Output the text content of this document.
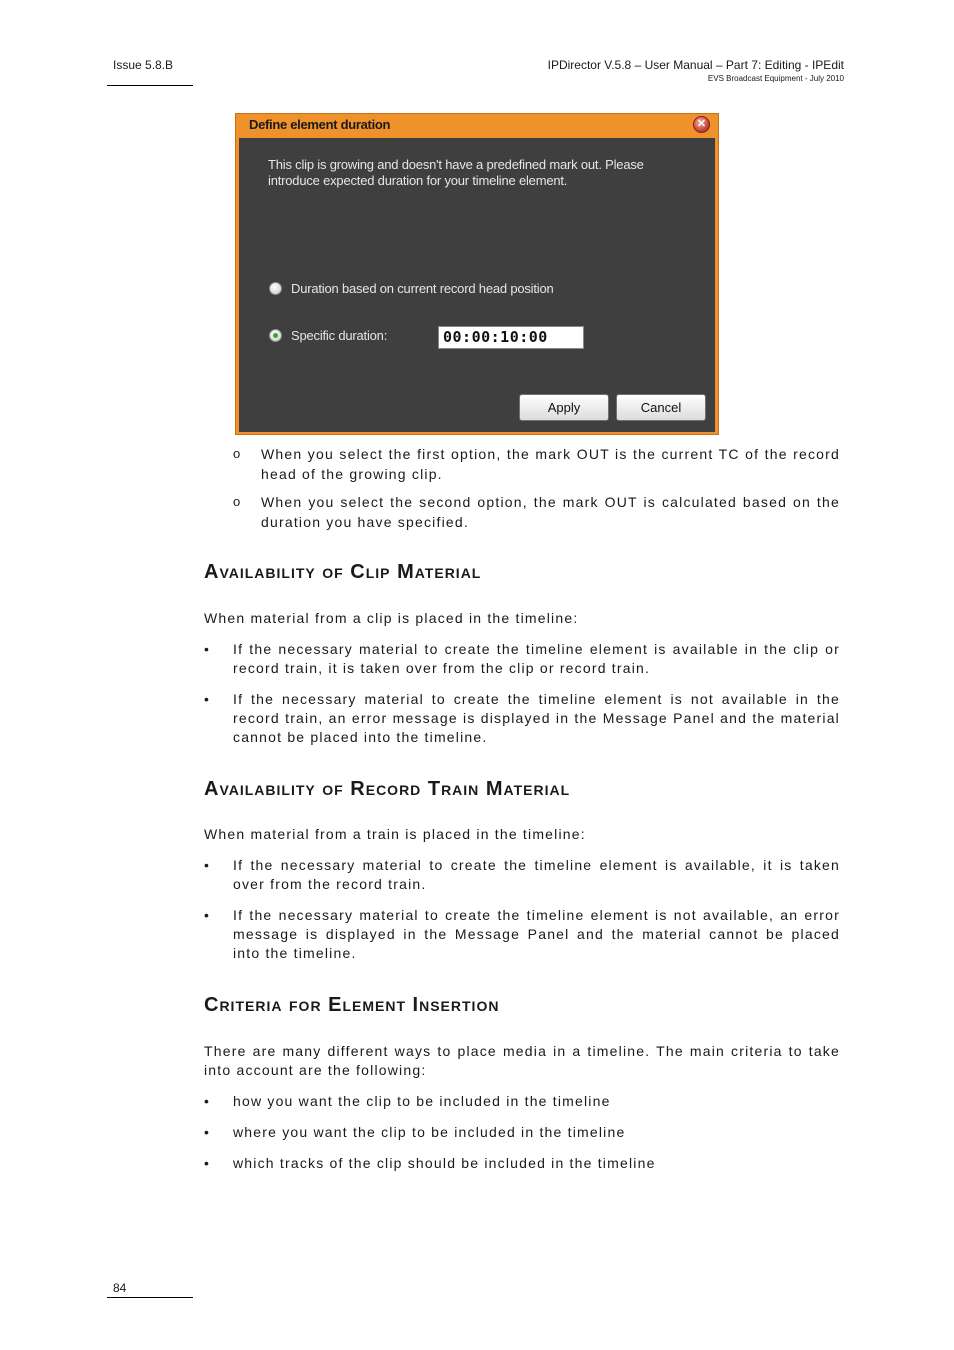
Issue 5.8.B	IPDirector V.5.8 – User Manual – Part 7: Editing - IPEdit
EVS Broadcast Equipment - July 2010
Define element duration	✕
This clip is growing and doesn't have a predefined mark out. Please introduce expected duration for your timeline element.
Duration based on current record head position
Specific duration:	00:00:10:00
Apply	Cancel
o When you select the first option, the mark OUT is the current TC of the record head of the growing clip.
o When you select the second option, the mark OUT is calculated based on the duration you have specified.
Availability of Clip Material
When material from a clip is placed in the timeline:
• If the necessary material to create the timeline element is available in the clip or record train, it is taken over from the clip or record train.
• If the necessary material to create the timeline element is not available in the record train, an error message is displayed in the Message Panel and the material cannot be placed into the timeline.
Availability of Record Train Material
When material from a train is placed in the timeline:
• If the necessary material to create the timeline element is available, it is taken over from the record train.
• If the necessary material to create the timeline element is not available, an error message is displayed in the Message Panel and the material cannot be placed into the timeline.
Criteria for Element Insertion
There are many different ways to place media in a timeline. The main criteria to take into account are the following:
• how you want the clip to be included in the timeline
• where you want the clip to be included in the timeline
• which tracks of the clip should be included in the timeline
84
